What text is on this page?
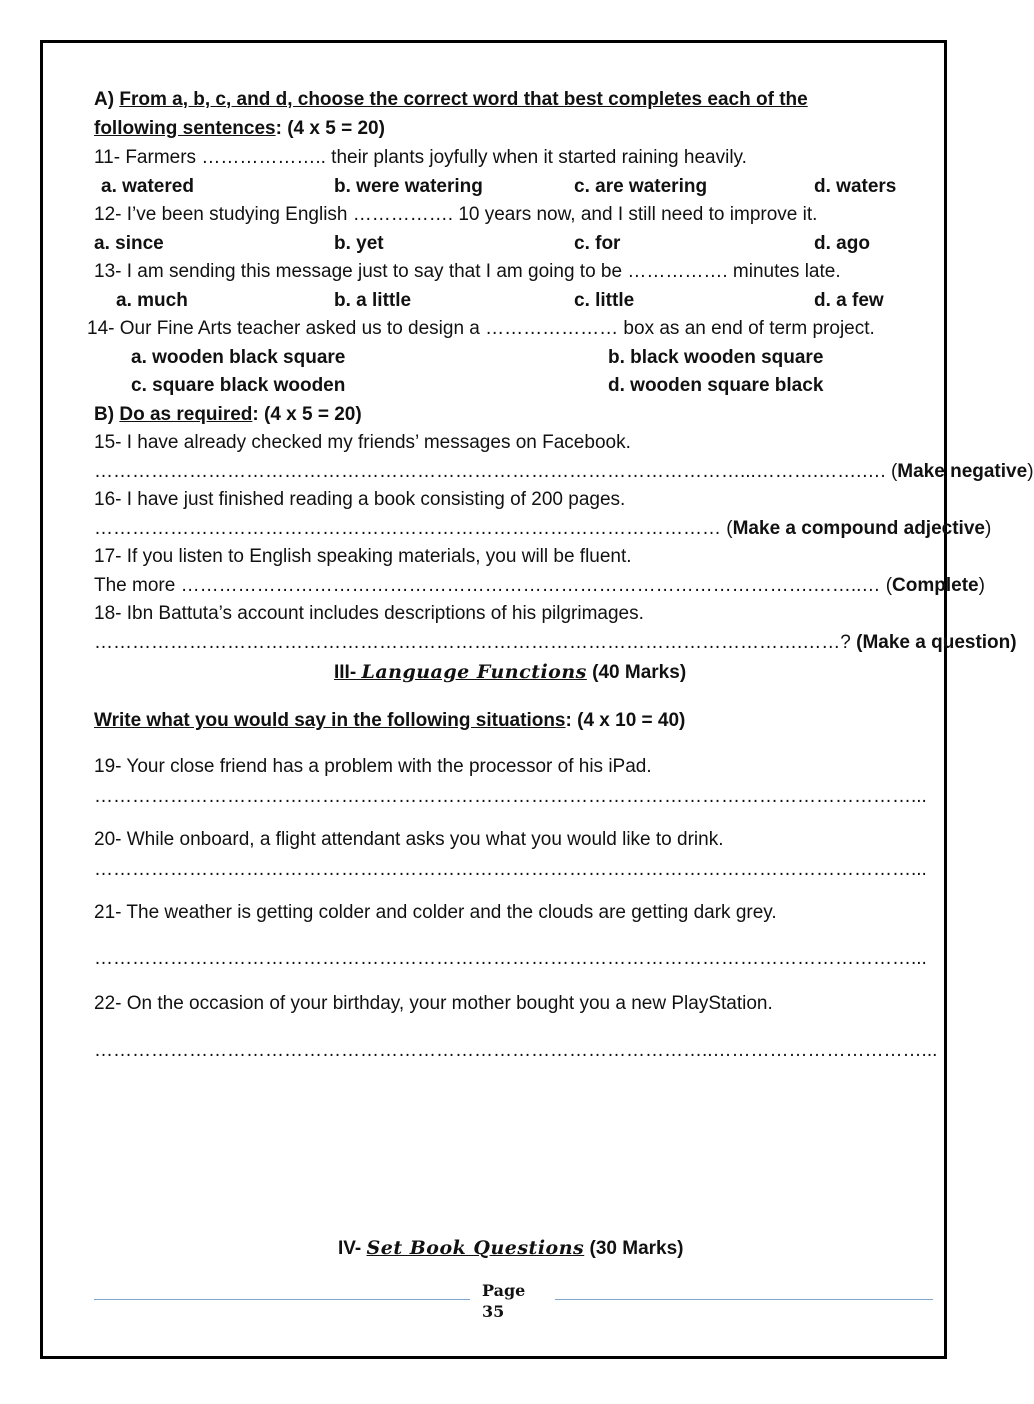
A) From a, b, c, and d, choose the correct word that best completes each of the
following sentences: (4 x 5 = 20)
11- Farmers ……………….. their plants joyfully when it started raining heavily.
a. watered	b. were watering	c. are watering	d. waters
12- I’ve been studying English ……………. 10 years now, and I still need to improve it.
a. since	b. yet	c. for	d. ago
13- I am sending this message just to say that I am going to be ……………. minutes late.
a. much	b. a little	c. little	d. a few
14- Our Fine Arts teacher asked us to design a ………………… box as an end of term project.
a. wooden black square	b. black wooden square
c. square black wooden	d. wooden square black
B) Do as required: (4 x 5 = 20)
15- I have already checked my friends’ messages on Facebook.
…………………………………………………………………………………………...……….…….…. (Make negative)
16- I have just finished reading a book consisting of 200 pages.
……………………………………………………………………………………… (Make a compound adjective)
17- If you listen to English speaking materials, you will be fluent.
The more ……………………………………………………………………………………….……..… (Complete)
18- Ibn Battuta’s account includes descriptions of his pilgrimages.
………………………………………………………………………………………………….……? (Make a question)
III- Language Functions (40 Marks)
Write what you would say in the following situations: (4 x 10 = 40)
19- Your close friend has a problem with the processor of his iPad.
…………………………………………………………………………………………………………………...
20- While onboard, a flight attendant asks you what you would like to drink.
…………………………………………………………………………………………………………………...
21- The weather is getting colder and colder and the clouds are getting dark grey.
…………………………………………………………………………………………………………………...
22- On the occasion of your birthday, your mother bought you a new PlayStation.
……………………………………………………………………………………..……………………………...
IV- Set Book Questions (30 Marks)
Page
35
